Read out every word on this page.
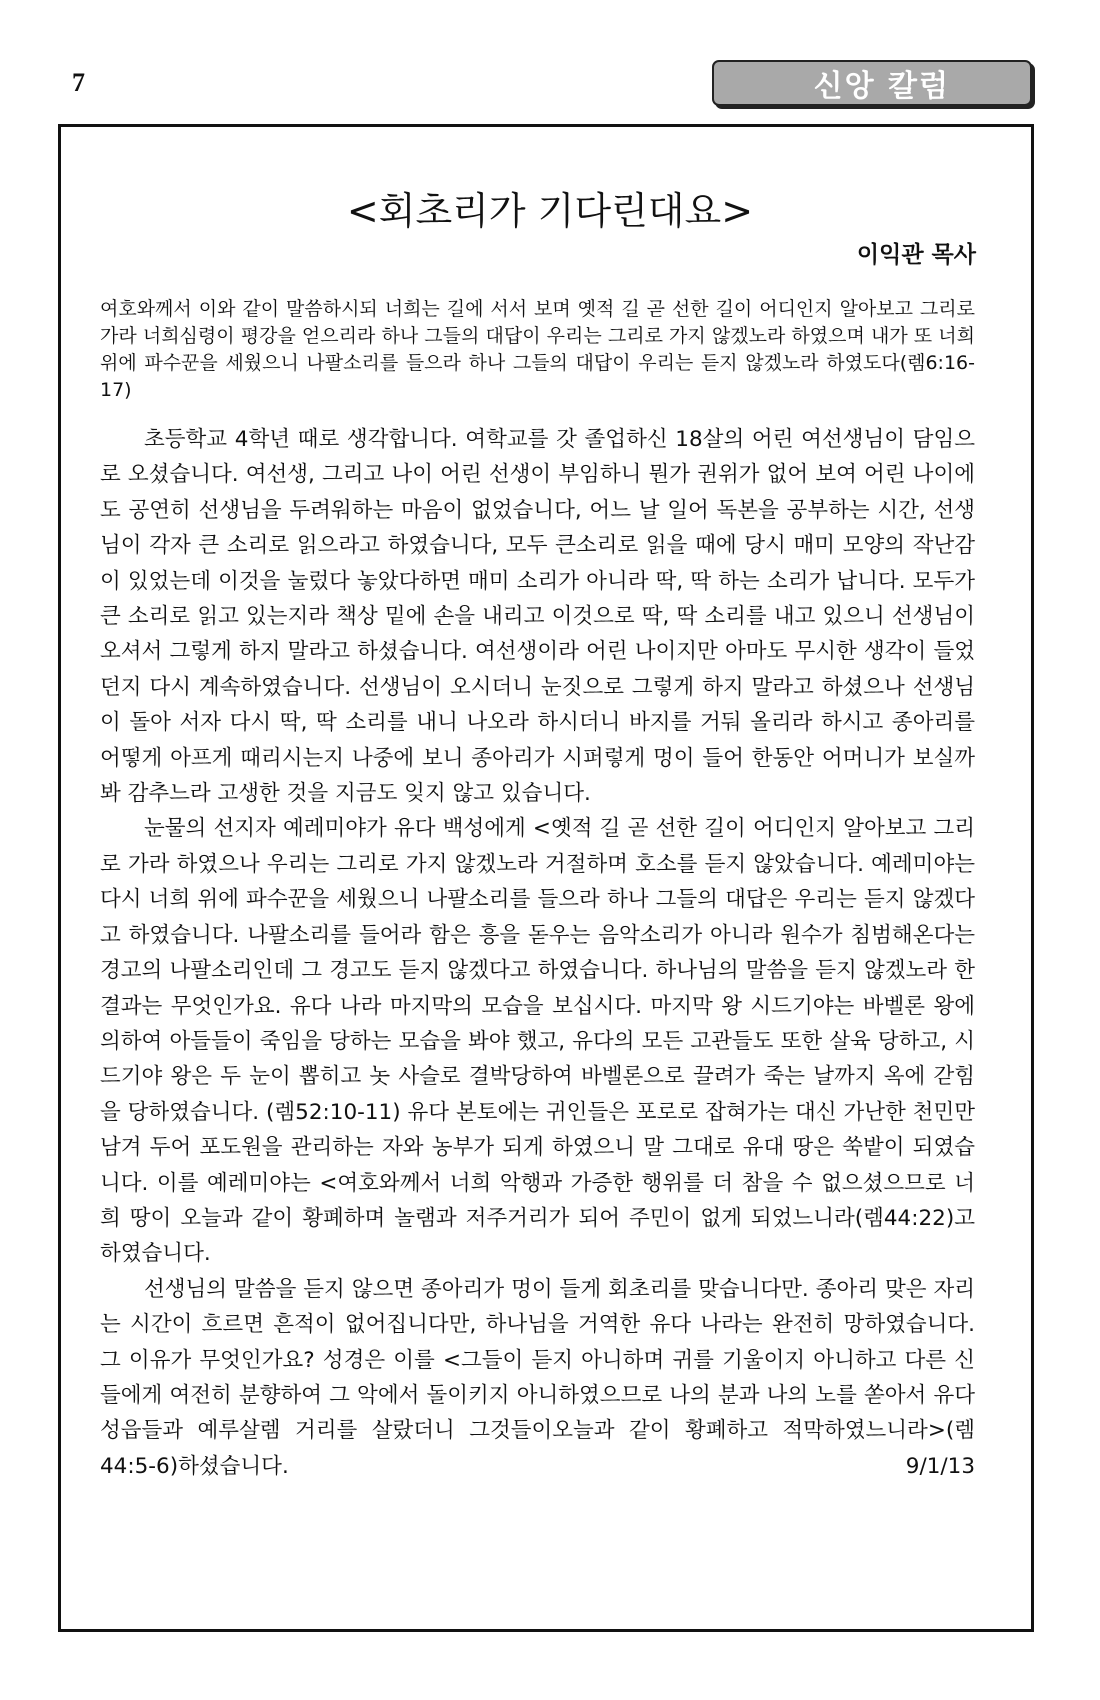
7	신앙 칼럼
<회초리가 기다린대요>
이익관 목사
여호와께서 이와 같이 말씀하시되 너희는 길에 서서 보며 옛적 길 곧 선한 길이 어디인지 알아보고 그리로 가라 너희심령이 평강을 얻으리라 하나 그들의 대답이 우리는 그리로 가지 않겠노라 하였으며 내가 또 너희위에 파수꾼을 세웠으니 나팔소리를 들으라 하나 그들의 대답이 우리는 듣지 않겠노라 하였도다(렘6:16-17)

초등학교 4학년 때로 생각합니다. 여학교를 갓 졸업하신 18살의 어린 여선생님이 담임으로 오셨습니다. 여선생, 그리고 나이 어린 선생이 부임하니 뭔가 권위가 없어 보여 어린 나이에도 공연히 선생님을 두려워하는 마음이 없었습니다, 어느 날 일어 독본을 공부하는 시간, 선생님이 각자 큰 소리로 읽으라고 하였습니다, 모두 큰소리로 읽을 때에 당시 매미 모양의 작난감이 있었는데 이것을 눌렀다 놓았다하면 매미 소리가 아니라 딱, 딱 하는 소리가 납니다. 모두가 큰 소리로 읽고 있는지라 책상 밑에 손을 내리고 이것으로 딱, 딱 소리를 내고 있으니 선생님이 오셔서 그렇게 하지 말라고 하셨습니다. 여선생이라 어린 나이지만 아마도 무시한 생각이 들었던지 다시 계속하였습니다. 선생님이 오시더니 눈짓으로 그렇게 하지 말라고 하셨으나 선생님이 돌아 서자 다시 딱, 딱 소리를 내니 나오라 하시더니 바지를 거둬 올리라 하시고 종아리를 어떻게 아프게 때리시는지 나중에 보니 종아리가 시퍼렇게 멍이 들어 한동안 어머니가 보실까봐 감추느라 고생한 것을 지금도 잊지 않고 있습니다.

눈물의 선지자 예레미야가 유다 백성에게 <옛적 길 곧 선한 길이 어디인지 알아보고 그리로 가라 하였으나 우리는 그리로 가지 않겠노라 거절하며 호소를 듣지 않았습니다. 예레미야는 다시 너희 위에 파수꾼을 세웠으니 나팔소리를 들으라 하나 그들의 대답은 우리는 듣지 않겠다고 하였습니다. 나팔소리를 들어라 함은 흥을 돋우는 음악소리가 아니라 원수가 침범해온다는 경고의 나팔소리인데 그 경고도 듣지 않겠다고 하였습니다. 하나님의 말씀을 듣지 않겠노라 한 결과는 무엇인가요. 유다 나라 마지막의 모습을 보십시다. 마지막 왕 시드기야는 바벨론 왕에 의하여 아들들이 죽임을 당하는 모습을 봐야 했고, 유다의 모든 고관들도 또한 살육 당하고, 시드기야 왕은 두 눈이 뽑히고 놋 사슬로 결박당하여 바벨론으로 끌려가 죽는 날까지 옥에 갇힘을 당하였습니다. (렘52:10-11) 유다 본토에는 귀인들은 포로로 잡혀가는 대신 가난한 천민만 남겨 두어 포도원을 관리하는 자와 농부가 되게 하였으니 말 그대로 유대 땅은 쑥밭이 되였습니다. 이를 예레미야는 <여호와께서 너희 악행과 가증한 행위를 더 참을 수 없으셨으므로 너희 땅이 오늘과 같이 황폐하며 놀램과 저주거리가 되어 주민이 없게 되었느니라(렘44:22)고 하였습니다.

선생님의 말씀을 듣지 않으면 종아리가 멍이 들게 회초리를 맞습니다만. 종아리 맞은 자리는 시간이 흐르면 흔적이 없어집니다만, 하나님을 거역한 유다 나라는 완전히 망하였습니다. 그 이유가 무엇인가요? 성경은 이를 <그들이 듣지 아니하며 귀를 기울이지 아니하고 다른 신들에게 여전히 분향하여 그 악에서 돌이키지 아니하였으므로 나의 분과 나의 노를 쏟아서 유다 성읍들과 예루살렘 거리를 살랐더니 그것들이오늘과 같이 황폐하고 적막하였느니라>(렘44:5-6)하셨습니다.	9/1/13
